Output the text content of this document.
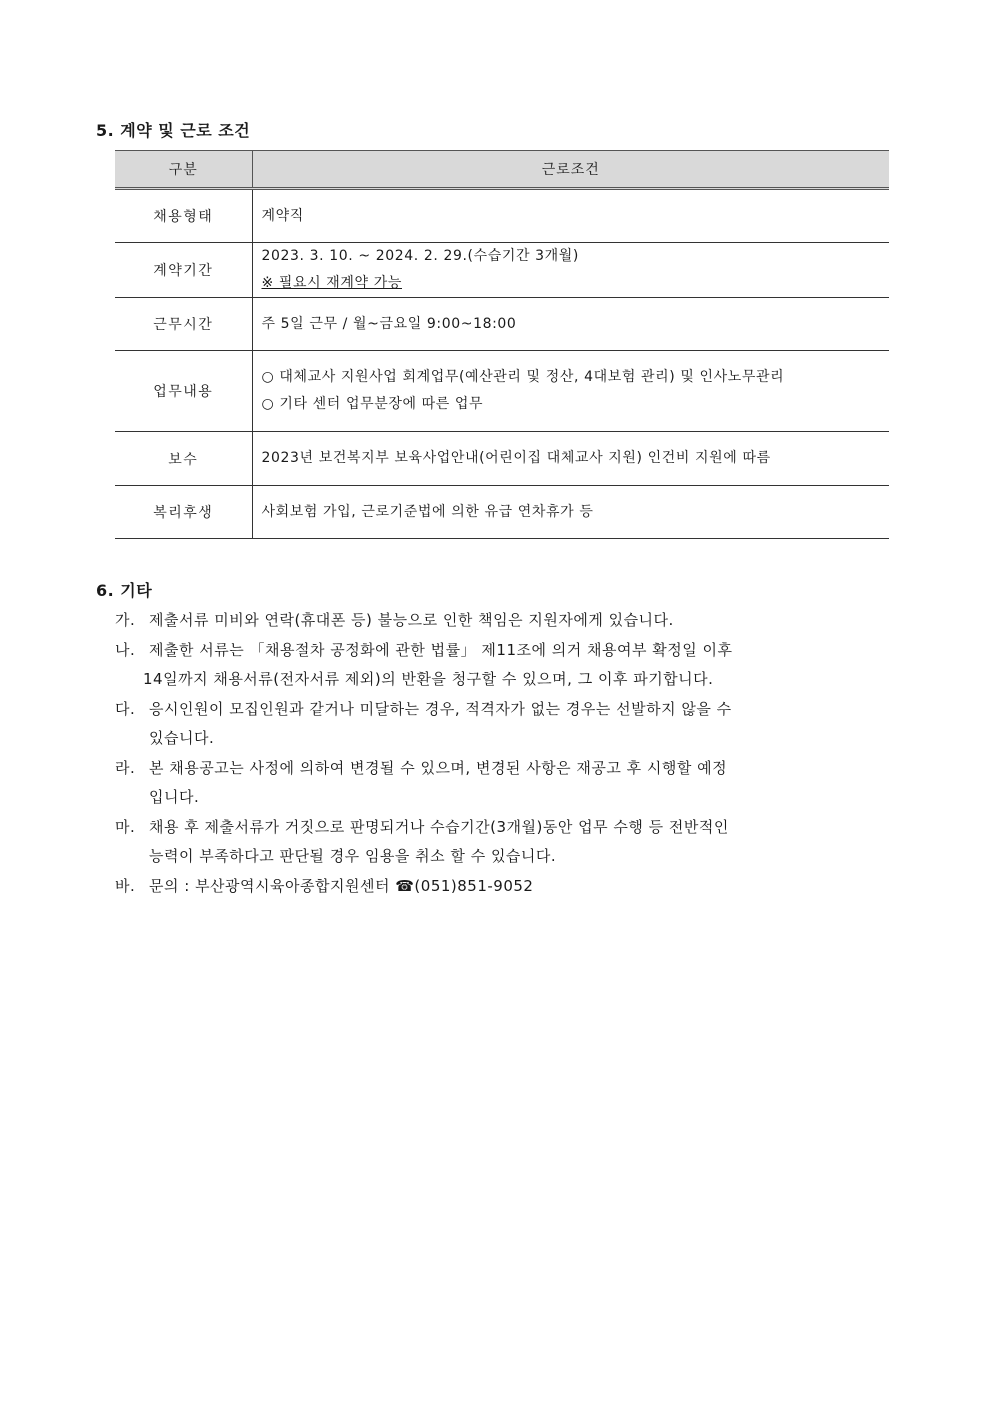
5. 계약 및 근로 조건
구분	근로조건
채용형태	계약직

계약기간	2023. 3. 10. ~ 2024. 2. 29.(수습기간 3개월)
※ 필요시 재계약 가능

근무시간	주 5일 근무 / 월~금요일 9:00~18:00

업무내용	○ 대체교사 지원사업 회계업무(예산관리 및 정산, 4대보험 관리) 및 인사노무관리
○ 기타 센터 업무분장에 따른 업무

보수	2023년 보건복지부 보육사업안내(어린이집 대체교사 지원) 인건비 지원에 따름

복리후생	사회보험 가입, 근로기준법에 의한 유급 연차휴가 등
6. 기타
가. 제출서류 미비와 연락(휴대폰 등) 불능으로 인한 책임은 지원자에게 있습니다.
나. 제출한 서류는 「채용절차 공정화에 관한 법률」 제11조에 의거 채용여부 확정일 이후
14일까지 채용서류(전자서류 제외)의 반환을 청구할 수 있으며, 그 이후 파기합니다.
다. 응시인원이 모집인원과 같거나 미달하는 경우, 적격자가 없는 경우는 선발하지 않을 수
있습니다.
라. 본 채용공고는 사정에 의하여 변경될 수 있으며, 변경된 사항은 재공고 후 시행할 예정
입니다.
마. 채용 후 제출서류가 거짓으로 판명되거나 수습기간(3개월)동안 업무 수행 등 전반적인
능력이 부족하다고 판단될 경우 임용을 취소 할 수 있습니다.
바. 문의 : 부산광역시육아종합지원센터 ☎(051)851-9052
